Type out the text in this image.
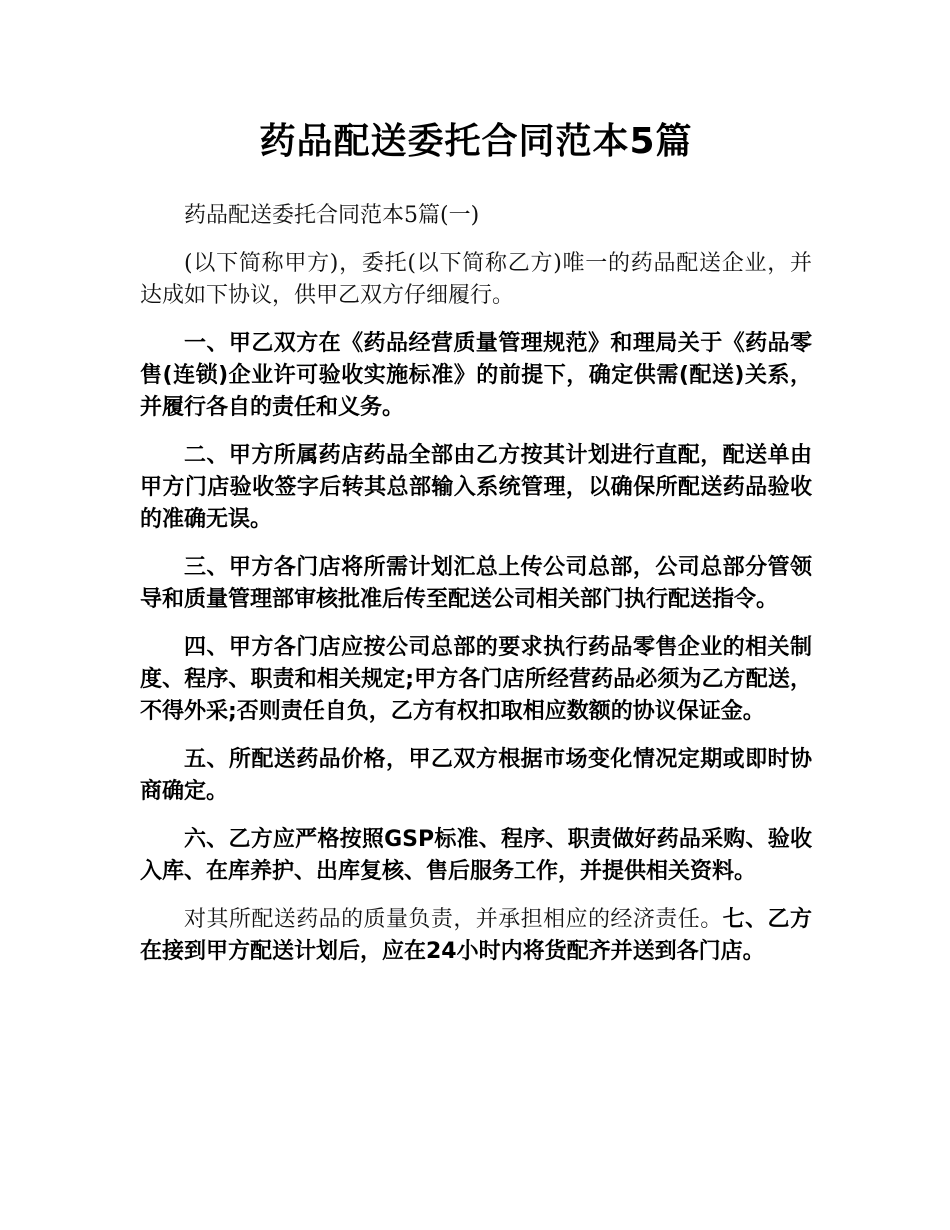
药品配送委托合同范本5篇

药品配送委托合同范本5篇(一)

(以下简称甲方)，委托(以下简称乙方)唯一的药品配送企业，并达成如下协议，供甲乙双方仔细履行。

一、甲乙双方在《药品经营质量管理规范》和理局关于《药品零售(连锁)企业许可验收实施标准》的前提下，确定供需(配送)关系，并履行各自的责任和义务。

二、甲方所属药店药品全部由乙方按其计划进行直配，配送单由甲方门店验收签字后转其总部输入系统管理，以确保所配送药品验收的准确无误。

三、甲方各门店将所需计划汇总上传公司总部，公司总部分管领导和质量管理部审核批准后传至配送公司相关部门执行配送指令。

四、甲方各门店应按公司总部的要求执行药品零售企业的相关制度、程序、职责和相关规定;甲方各门店所经营药品必须为乙方配送，不得外采;否则责任自负，乙方有权扣取相应数额的协议保证金。

五、所配送药品价格，甲乙双方根据市场变化情况定期或即时协商确定。

六、乙方应严格按照GSP标准、程序、职责做好药品采购、验收入库、在库养护、出库复核、售后服务工作，并提供相关资料。

对其所配送药品的质量负责，并承担相应的经济责任。七、乙方在接到甲方配送计划后，应在24小时内将货配齐并送到各门店。
